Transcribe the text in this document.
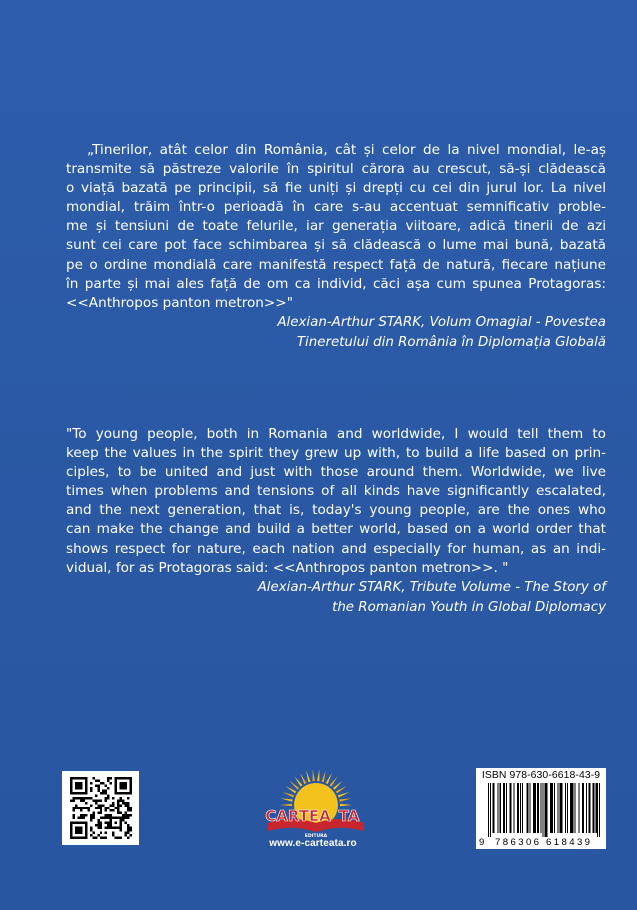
„Tinerilor, atât celor din România, cât și celor de la nivel mondial, le-aș
transmite să păstreze valorile în spiritul cărora au crescut, să-și clădească
o viață bazată pe principii, să fie uniți și drepți cu cei din jurul lor. La nivel
mondial, trăim într-o perioadă în care s-au accentuat semnificativ proble-
me și tensiuni de toate felurile, iar generația viitoare, adică tinerii de azi
sunt cei care pot face schimbarea și să clădească o lume mai bună, bazată
pe o ordine mondială care manifestă respect față de natură, fiecare națiune
în parte și mai ales față de om ca individ, căci așa cum spunea Protagoras:
<<Anthropos panton metron>>"

Alexian-Arthur STARK, Volum Omagial - Povestea
Tineretului din România în Diplomația Globală

"To young people, both in Romania and worldwide, I would tell them to
keep the values in the spirit they grew up with, to build a life based on prin-
ciples, to be united and just with those around them. Worldwide, we live
times when problems and tensions of all kinds have significantly escalated,
and the next generation, that is, today's young people, are the ones who
can make the change and build a better world, based on a world order that
shows respect for nature, each nation and especially for human, as an indi-
vidual, for as Protagoras said: <<Anthropos panton metron>>. "

Alexian-Arthur STARK, Tribute Volume - The Story of
the Romanian Youth in Global Diplomacy

CARTEA TA
EDITURA
www.e-carteata.ro
ISBN 978-630-6618-43-9
9 786306 618439
